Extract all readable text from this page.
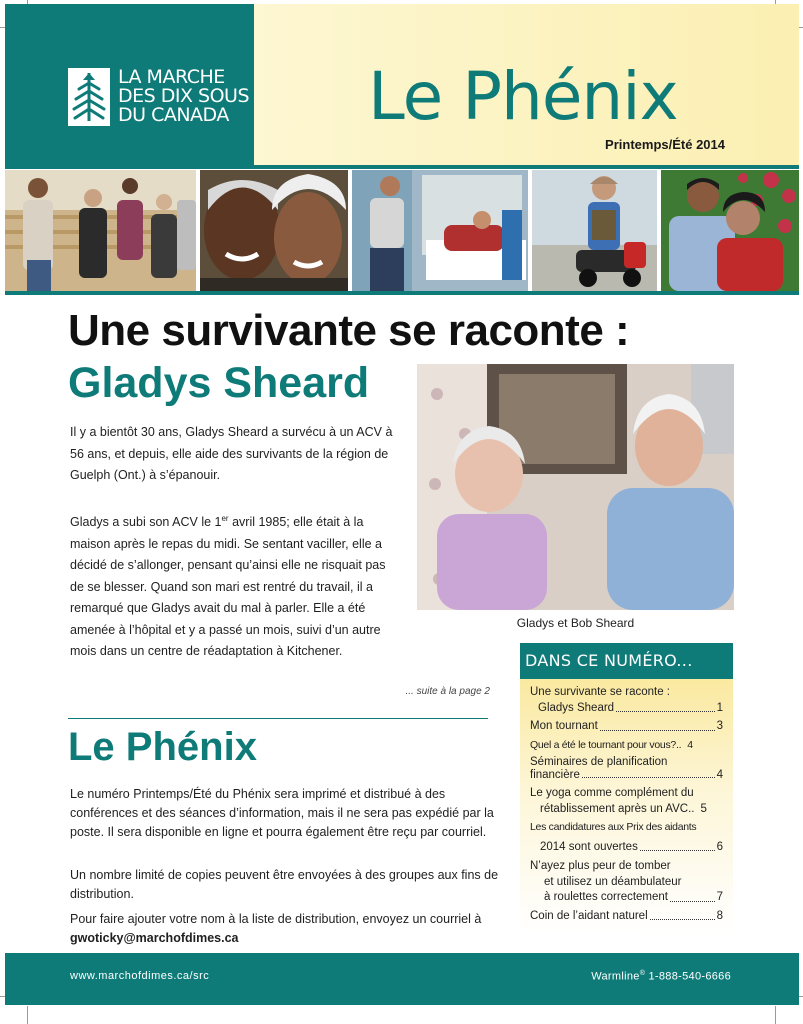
LA MARCHE
DES DIX SOUS
DU CANADA	Le Phénix
Printemps/Été 2014
Une survivante se raconte :
Gladys Sheard

Il y a bientôt 30 ans, Gladys Sheard a survécu à un ACV à 56 ans, et depuis, elle aide des survivants de la région de Guelph (Ont.) à s’épanouir.

Gladys a subi son ACV le 1er avril 1985; elle était à la maison après le repas du midi. Se sentant vaciller, elle a décidé de s’allonger, pensant qu’ainsi elle ne risquait pas de se blesser. Quand son mari est rentré du travail, il a remarqué que Gladys avait du mal à parler. Elle a été amenée à l’hôpital et y a passé un mois, suivi d’un autre mois dans un centre de réadaptation à Kitchener.

... suite à la page 2
Gladys et Bob Sheard
Le Phénix

Le numéro Printemps/Été du Phénix sera imprimé et distribué à des conférences et des séances d’information, mais il ne sera pas expédié par la poste. Il sera disponible en ligne et pourra également être reçu par courriel.

Un nombre limité de copies peuvent être envoyées à des groupes aux fins de distribution.

Pour faire ajouter votre nom à la liste de distribution, envoyez un courriel à gwoticky@marchofdimes.ca

DANS CE NUMÉRO...
Une survivante se raconte :
Gladys Sheard	1
Mon tournant	3
Quel a été le tournant pour vous?.. 4
Séminaires de planification
financière	4
Le yoga comme complément du
rétablissement après un AVC.. 5
Les candidatures aux Prix des aidants
2014 sont ouvertes	6
N’ayez plus peur de tomber
et utilisez un déambulateur
à roulettes correctement	7
Coin de l’aidant naturel	8
www.marchofdimes.ca/src	Warmline® 1-888-540-6666
